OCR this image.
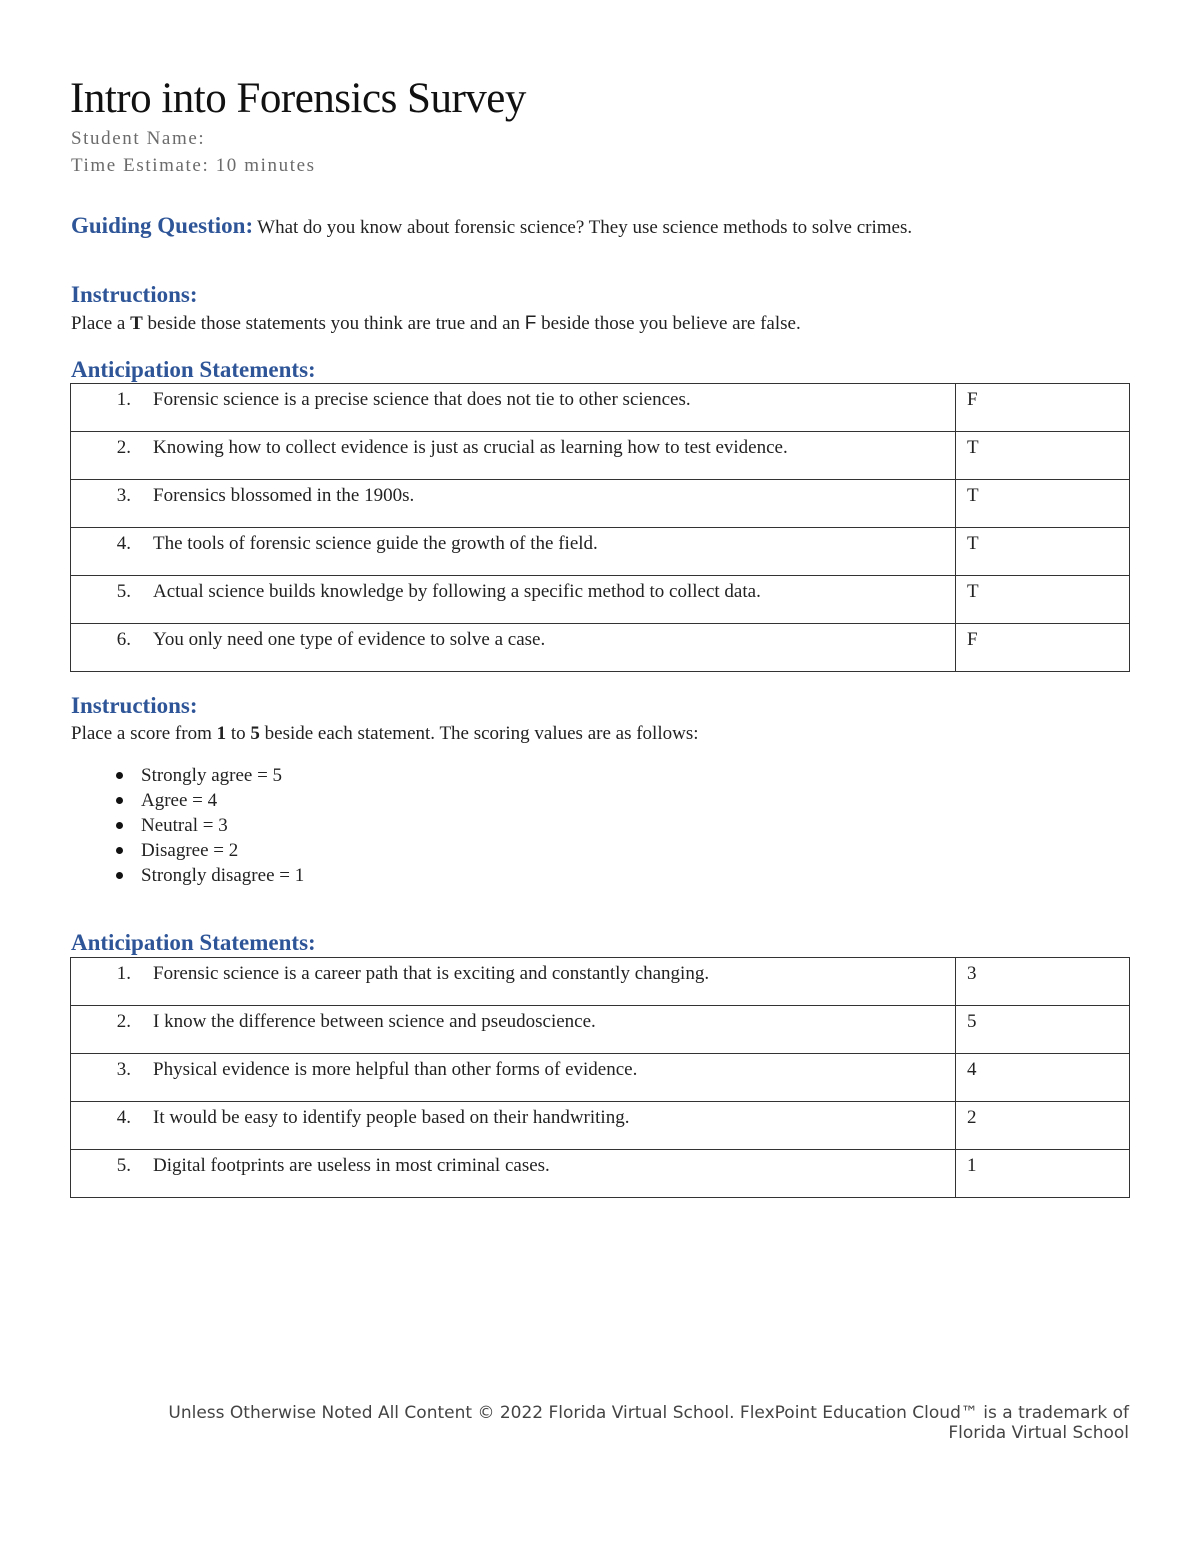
Intro into Forensics Survey
Student Name:
Time Estimate: 10 minutes
Guiding Question: What do you know about forensic science? They use science methods to solve crimes.
Instructions:
Place a T beside those statements you think are true and an F beside those you believe are false.
Anticipation Statements:
1.	Forensic science is a precise science that does not tie to other sciences.	F
2.	Knowing how to collect evidence is just as crucial as learning how to test evidence.	T
3.	Forensics blossomed in the 1900s.	T
4.	The tools of forensic science guide the growth of the field.	T
5.	Actual science builds knowledge by following a specific method to collect data.	T
6.	You only need one type of evidence to solve a case.	F
Instructions:
Place a score from 1 to 5 beside each statement. The scoring values are as follows:
Strongly agree = 5
Agree = 4
Neutral = 3
Disagree = 2
Strongly disagree = 1
Anticipation Statements:
1.	Forensic science is a career path that is exciting and constantly changing.	3
2.	I know the difference between science and pseudoscience.	5
3.	Physical evidence is more helpful than other forms of evidence.	4
4.	It would be easy to identify people based on their handwriting.	2
5.	Digital footprints are useless in most criminal cases.	1
Unless Otherwise Noted All Content © 2022 Florida Virtual School. FlexPoint Education Cloud™ is a trademark of
Florida Virtual School
